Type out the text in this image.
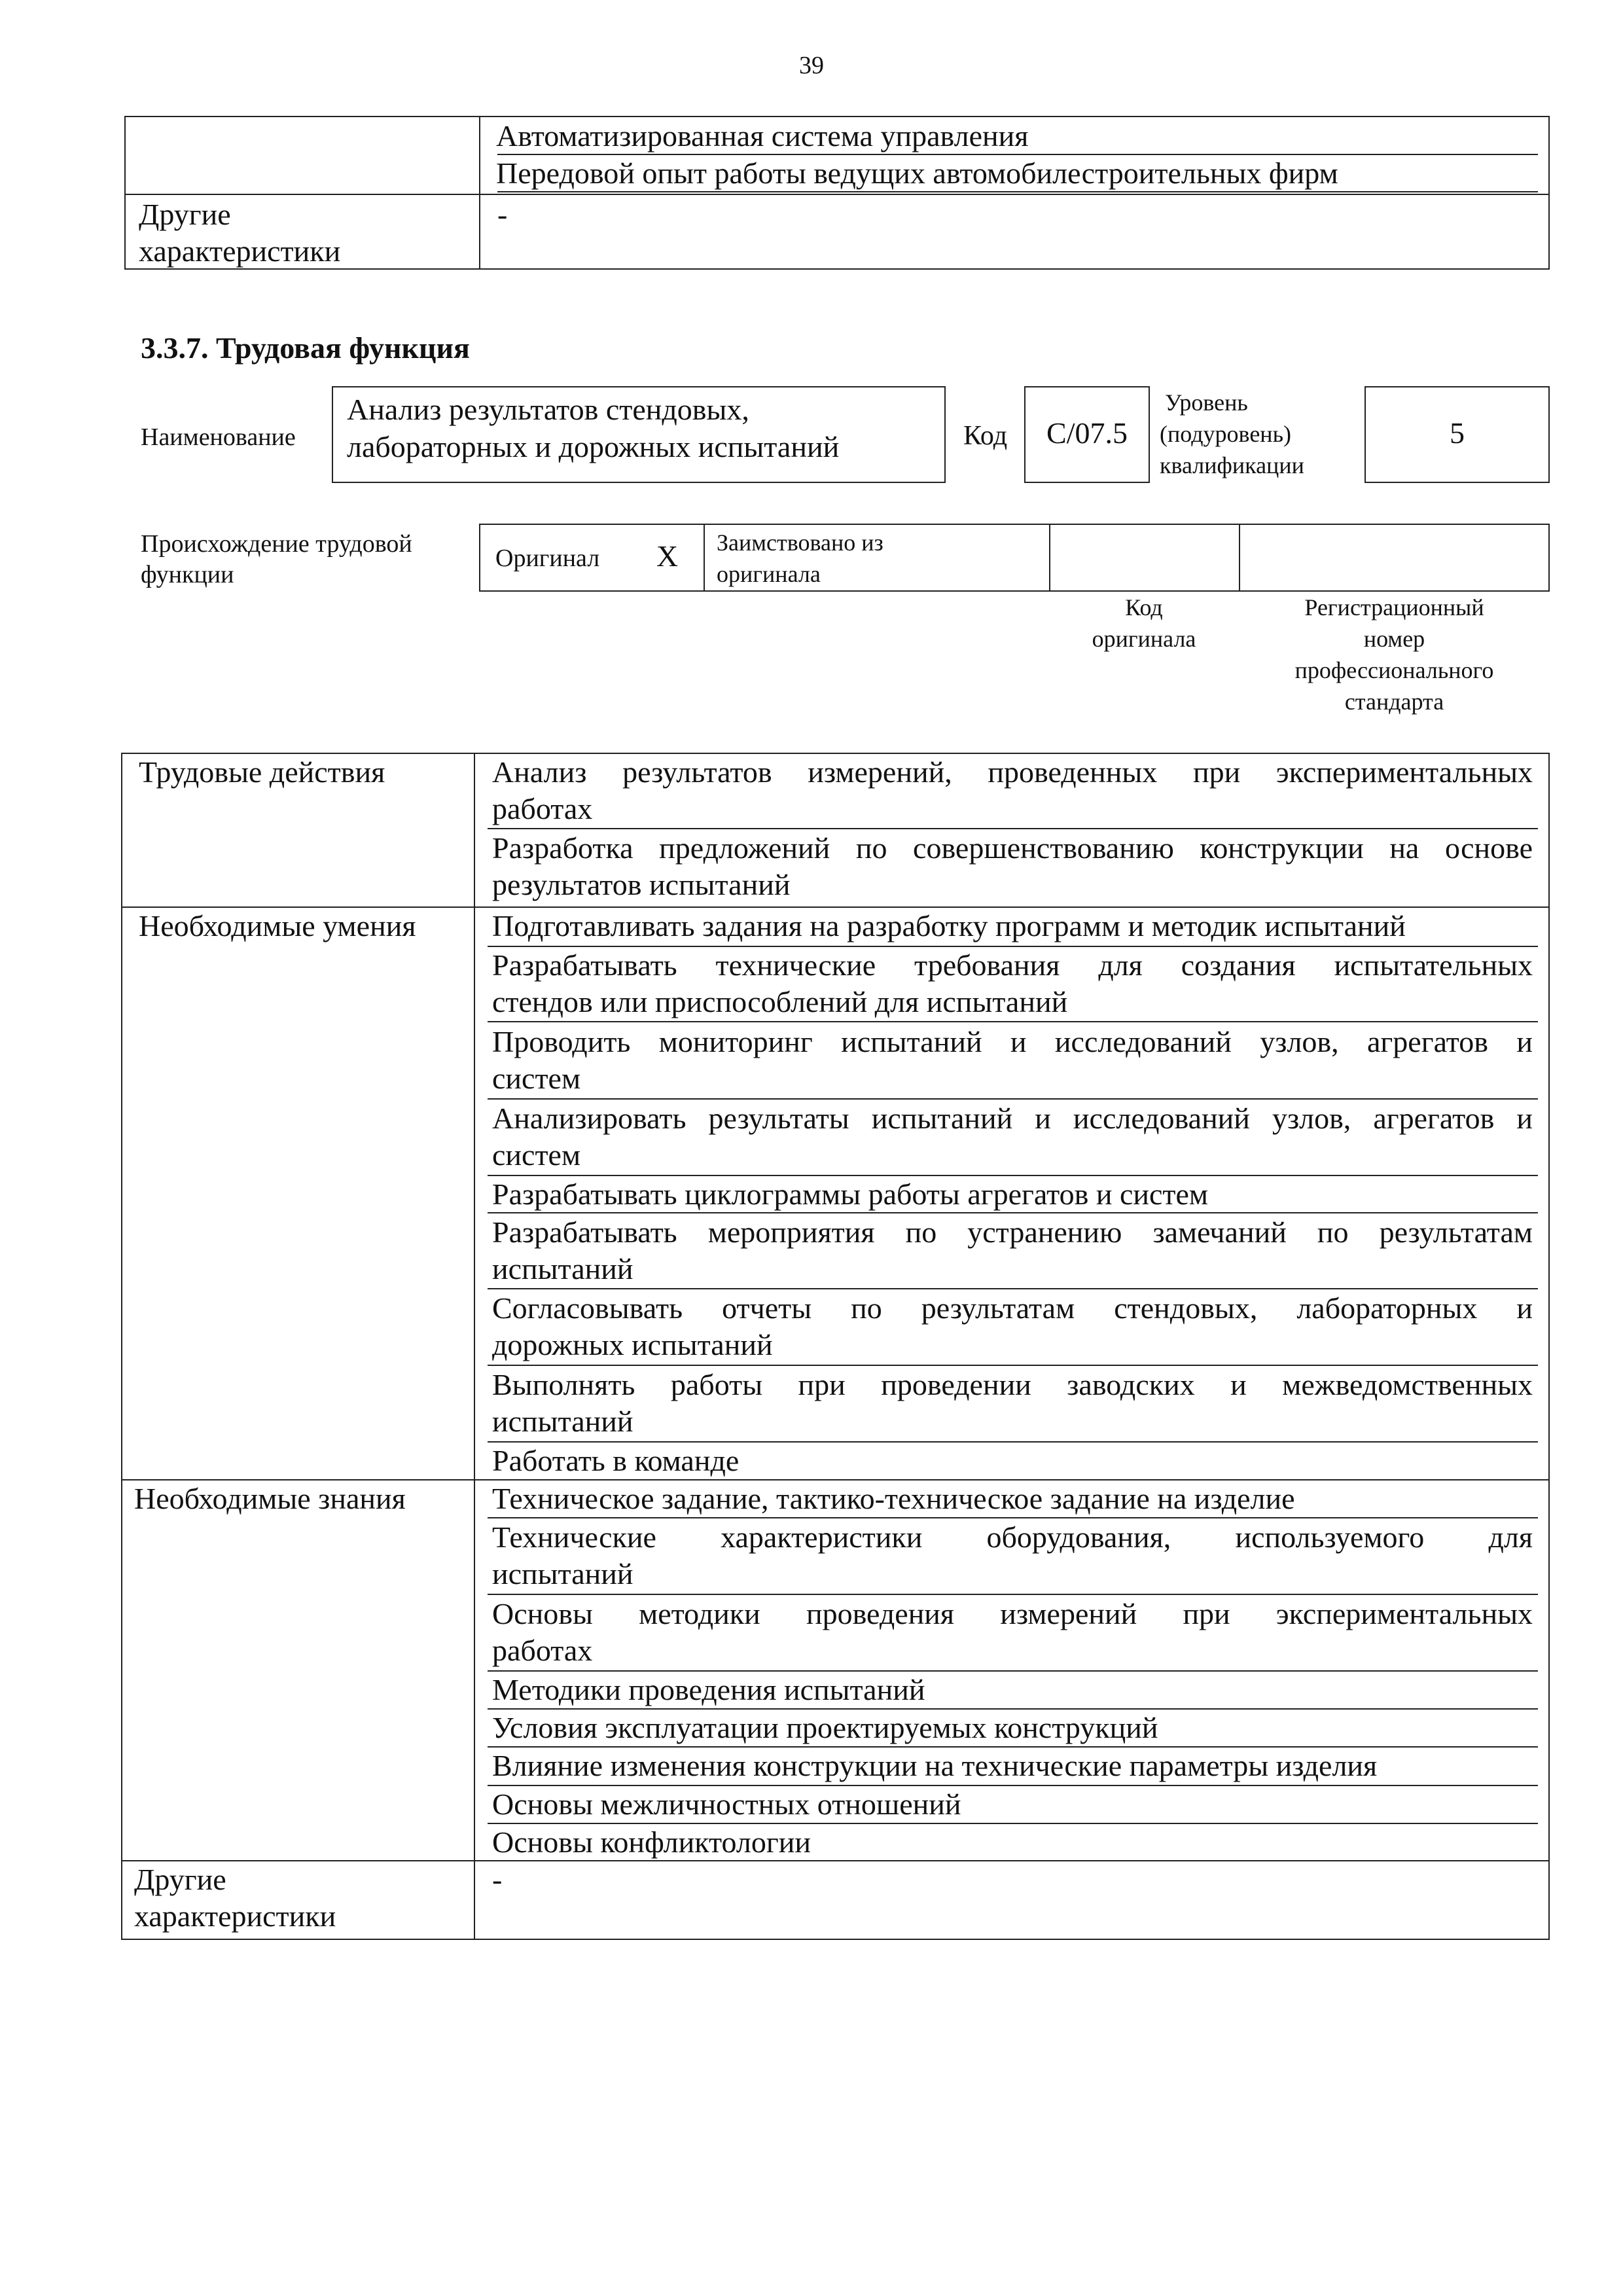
39
Автоматизированная система управления
Передовой опыт работы ведущих автомобилестроительных фирм
Другие
характеристики
-
3.3.7. Трудовая функция
Наименование
Анализ результатов стендовых,
лабораторных и дорожных испытаний	Код	С/07.5
Уровень
(подуровень)
квалификации
5
Происхождение трудовой
функции
Оригинал X Заимствовано из
оригинала
Код
оригинала
Регистрационный
номер
профессионального
стандарта
Трудовые действия
Необходимые умения
Необходимые знания
Другие
характеристики
-
Анализ результатов измерений, проведенных при экспериментальных
работах
Разработка предложений по совершенствованию конструкции на основе
результатов испытаний
Подготавливать задания на разработку программ и методик испытаний
Разрабатывать технические требования для создания испытательных
стендов или приспособлений для испытаний
Проводить мониторинг испытаний и исследований узлов, агрегатов и
систем
Анализировать результаты испытаний и исследований узлов, агрегатов и
систем
Разрабатывать циклограммы работы агрегатов и систем
Разрабатывать мероприятия по устранению замечаний по результатам
испытаний
Согласовывать отчеты по результатам стендовых, лабораторных и
дорожных испытаний
Выполнять работы при проведении заводских и межведомственных
испытаний
Работать в команде
Техническое задание, тактико-техническое задание на изделие
Технические характеристики оборудования, используемого для
испытаний
Основы методики проведения измерений при экспериментальных
работах
Методики проведения испытаний
Условия эксплуатации проектируемых конструкций
Влияние изменения конструкции на технические параметры изделия
Основы межличностных отношений
Основы конфликтологии
